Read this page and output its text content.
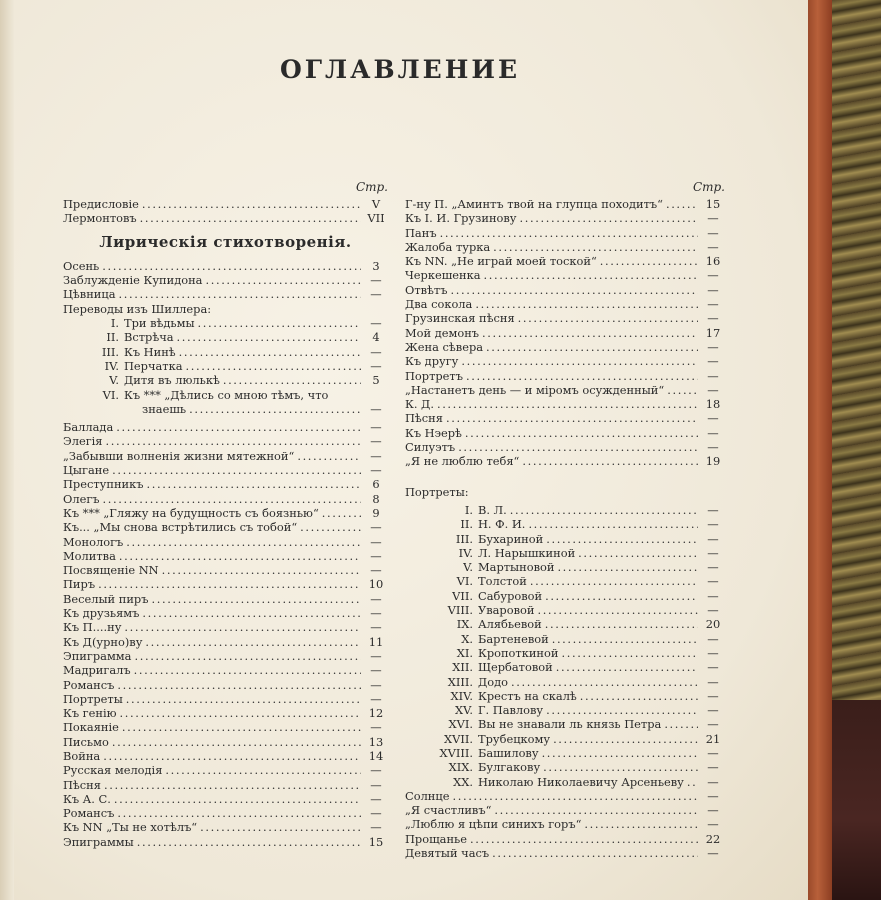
ОГЛАВЛЕНИЕ
Стр.
Предисловіе . . .	V
Лермонтовъ . . .	VII
Лирическія стихотворенія.
Осень . . .	3
Заблужденіе Купидона . . .	—
Цѣвница . . .	—
Переводы изъ Шиллера:
I. Три вѣдьмы . . .	—
II. Встрѣча . . .	4
III. Къ Нинѣ . . .	—
IV. Перчатка . . .	—
V. Дитя въ люлькѣ . . .	5
VI. Къ *** „Дѣлись со мною тѣмъ, что
знаешь . . .	—
Баллада . . .	—
Элегія . . .	—
„Забывши волненія жизни мятежной“ . . .	—
Цыгане . . .	—
Преступникъ . . .	6
Олегъ . . .	8
Къ *** „Гляжу на будущность съ боязнью“ . . .	9
Къ... „Мы снова встрѣтились съ тобой“ . . .	—
Монологъ . . .	—
Молитва . . .	—
Посвященіе NN . . .	—
Пиръ . . .	10
Веселый пиръ . . .	—
Къ друзьямъ . . .	—
Къ П....ну . . .	—
Къ Д(урно)ву . . .	11
Эпиграмма . . .	—
Мадригалъ . . .	—
Романсъ . . .	—
Портреты . . .	—
Къ генію . . .	12
Покаяніе . . .	—
Письмо . . .	13
Война . . .	14
Русская мелодія . . .	—
Пѣсня . . .	—
Къ А. С. . . .	—
Романсъ . . .	—
Къ NN „Ты не хотѣлъ“ . . .	—
Эпиграммы . . .	15
Стр.
Г-ну П. „Аминтъ твой на глупца походитъ“ . . .	15
Къ I. И. Грузинову . . .	—
Панъ . . .	—
Жалоба турка . . .	—
Къ NN. „Не играй моей тоской“ . . .	16
Черкешенка . . .	—
Отвѣтъ . . .	—
Два сокола . . .	—
Грузинская пѣсня . . .	—
Мой демонъ . . .	17
Жена сѣвера . . .	—
Къ другу . . .	—
Портретъ . . .	—
„Настанетъ день — и міромъ осужденный“ . . .	—
К. Д. . . .	18
Пѣсня . . .	—
Къ Нэерѣ . . .	—
Силуэтъ . . .	—
„Я не люблю тебя“ . . .	19
Портреты:
I. В. Л. . . .	—
II. Н. Ф. И. . . .	—
III. Бухариной . . .	—
IV. Л. Нарышкиной . . .	—
V. Мартыновой . . .	—
VI. Толстой . . .	—
VII. Сабуровой . . .	—
VIII. Уваровой . . .	—
IX. Алябьевой . . .	20
X. Бартеневой . . .	—
XI. Кропоткиной . . .	—
XII. Щербатовой . . .	—
XIII. Додо . . .	—
XIV. Крестъ на скалѣ . . .	—
XV. Г. Павлову . . .	—
XVI. Вы не знавали ль князь Петра . . .	—
XVII. Трубецкому . . .	21
XVIII. Башилову . . .	—
XIX. Булгакову . . .	—
XX. Николаю Николаевичу Арсеньеву . . .	—
Солнце . . .	—
„Я счастливъ“ . . .	—
„Люблю я цѣпи синихъ горъ“ . . .	—
Прощанье . . .	22
Девятый часъ . . .	—
